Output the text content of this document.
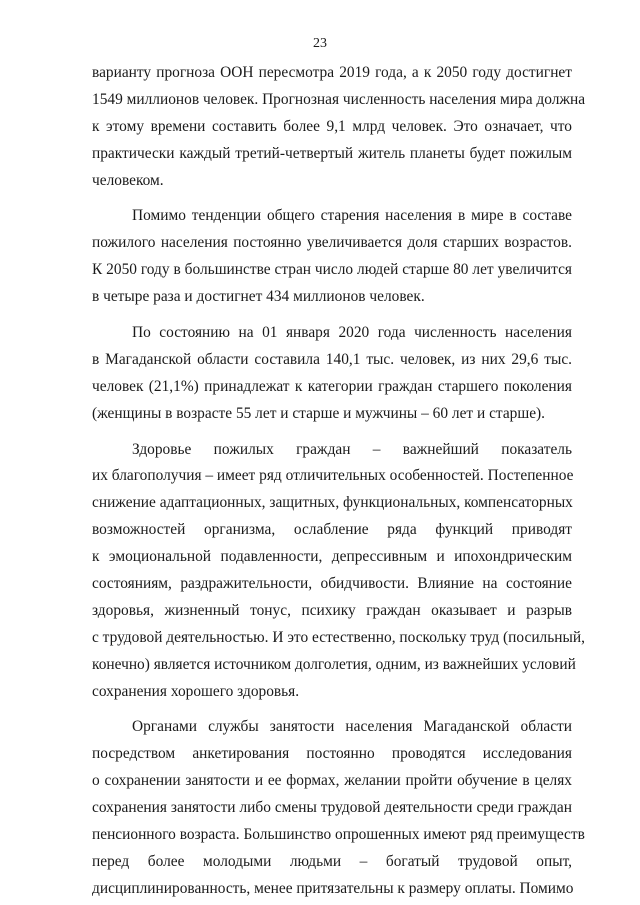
23
варианту прогноза ООН пересмотра 2019 года, а к 2050 году достигнет
1549 миллионов человек. Прогнозная численность населения мира должна
к этому времени составить более 9,1 млрд человек. Это означает, что
практически каждый третий-четвертый житель планеты будет пожилым
человеком.
Помимо тенденции общего старения населения в мире в составе
пожилого населения постоянно увеличивается доля старших возрастов.
К 2050 году в большинстве стран число людей старше 80 лет увеличится
в четыре раза и достигнет 434 миллионов человек.
По состоянию на 01 января 2020 года численность населения
в Магаданской области составила 140,1 тыс. человек, из них 29,6 тыс.
человек (21,1%) принадлежат к категории граждан старшего поколения
(женщины в возрасте 55 лет и старше и мужчины – 60 лет и старше).
Здоровье пожилых граждан – важнейший показатель
их благополучия – имеет ряд отличительных особенностей. Постепенное
снижение адаптационных, защитных, функциональных, компенсаторных
возможностей организма, ослабление ряда функций приводят
к эмоциональной подавленности, депрессивным и ипохондрическим
состояниям, раздражительности, обидчивости. Влияние на состояние
здоровья, жизненный тонус, психику граждан оказывает и разрыв
с трудовой деятельностью. И это естественно, поскольку труд (посильный,
конечно) является источником долголетия, одним, из важнейших условий
сохранения хорошего здоровья.
Органами службы занятости населения Магаданской области
посредством анкетирования постоянно проводятся исследования
о сохранении занятости и ее формах, желании пройти обучение в целях
сохранения занятости либо смены трудовой деятельности среди граждан
пенсионного возраста. Большинство опрошенных имеют ряд преимуществ
перед более молодыми людьми – богатый трудовой опыт,
дисциплинированность, менее притязательны к размеру оплаты. Помимо
